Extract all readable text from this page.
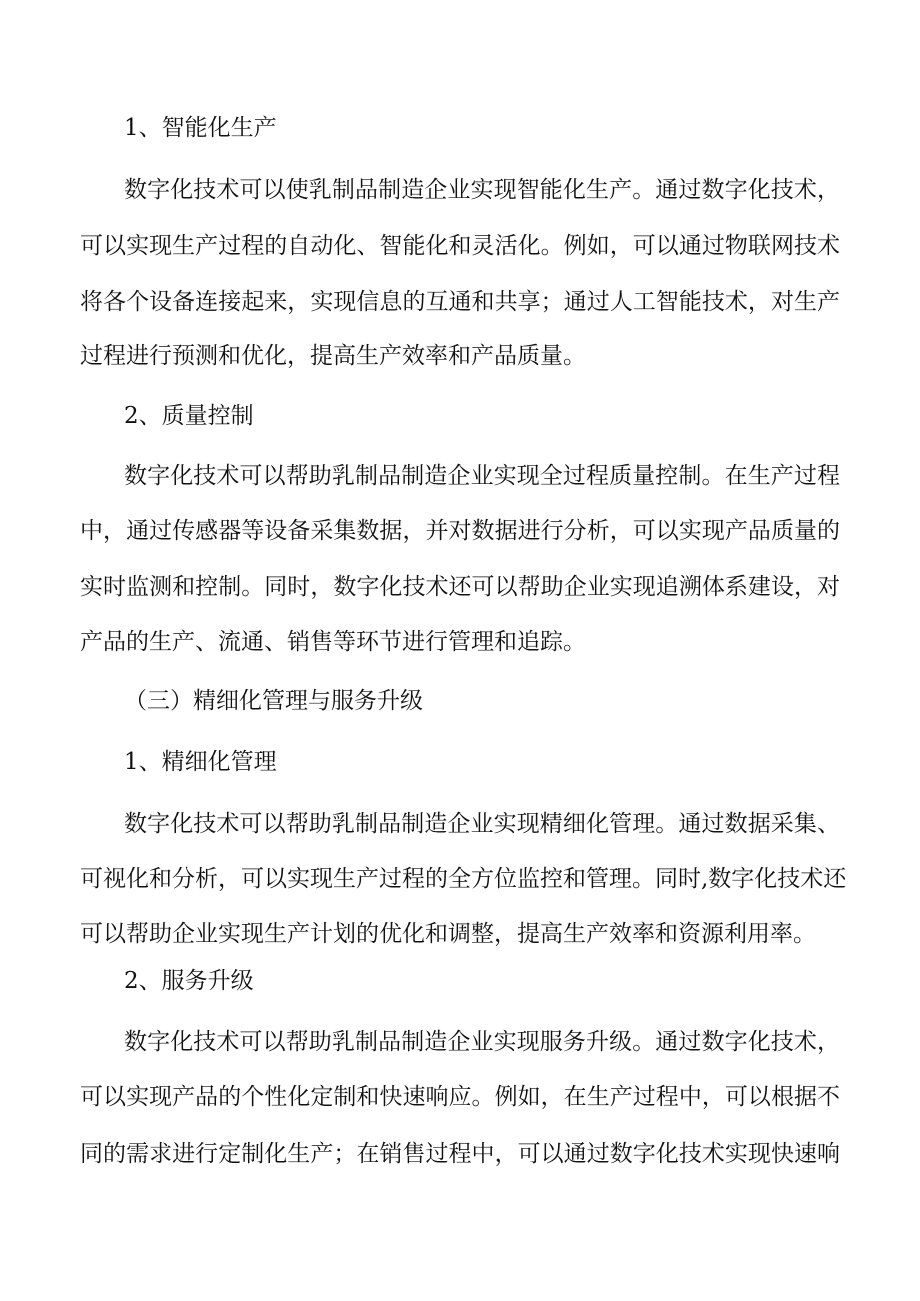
1、智能化生产
数字化技术可以使乳制品制造企业实现智能化生产。通过数字化技术，
可以实现生产过程的自动化、智能化和灵活化。例如，可以通过物联网技术
将各个设备连接起来，实现信息的互通和共享；通过人工智能技术，对生产
过程进行预测和优化，提高生产效率和产品质量。
2、质量控制
数字化技术可以帮助乳制品制造企业实现全过程质量控制。在生产过程
中，通过传感器等设备采集数据，并对数据进行分析，可以实现产品质量的
实时监测和控制。同时，数字化技术还可以帮助企业实现追溯体系建设，对
产品的生产、流通、销售等环节进行管理和追踪。
（三）精细化管理与服务升级
1、精细化管理
数字化技术可以帮助乳制品制造企业实现精细化管理。通过数据采集、
可视化和分析，可以实现生产过程的全方位监控和管理。同时,数字化技术还
可以帮助企业实现生产计划的优化和调整，提高生产效率和资源利用率。
2、服务升级
数字化技术可以帮助乳制品制造企业实现服务升级。通过数字化技术，
可以实现产品的个性化定制和快速响应。例如，在生产过程中，可以根据不
同的需求进行定制化生产；在销售过程中，可以通过数字化技术实现快速响
